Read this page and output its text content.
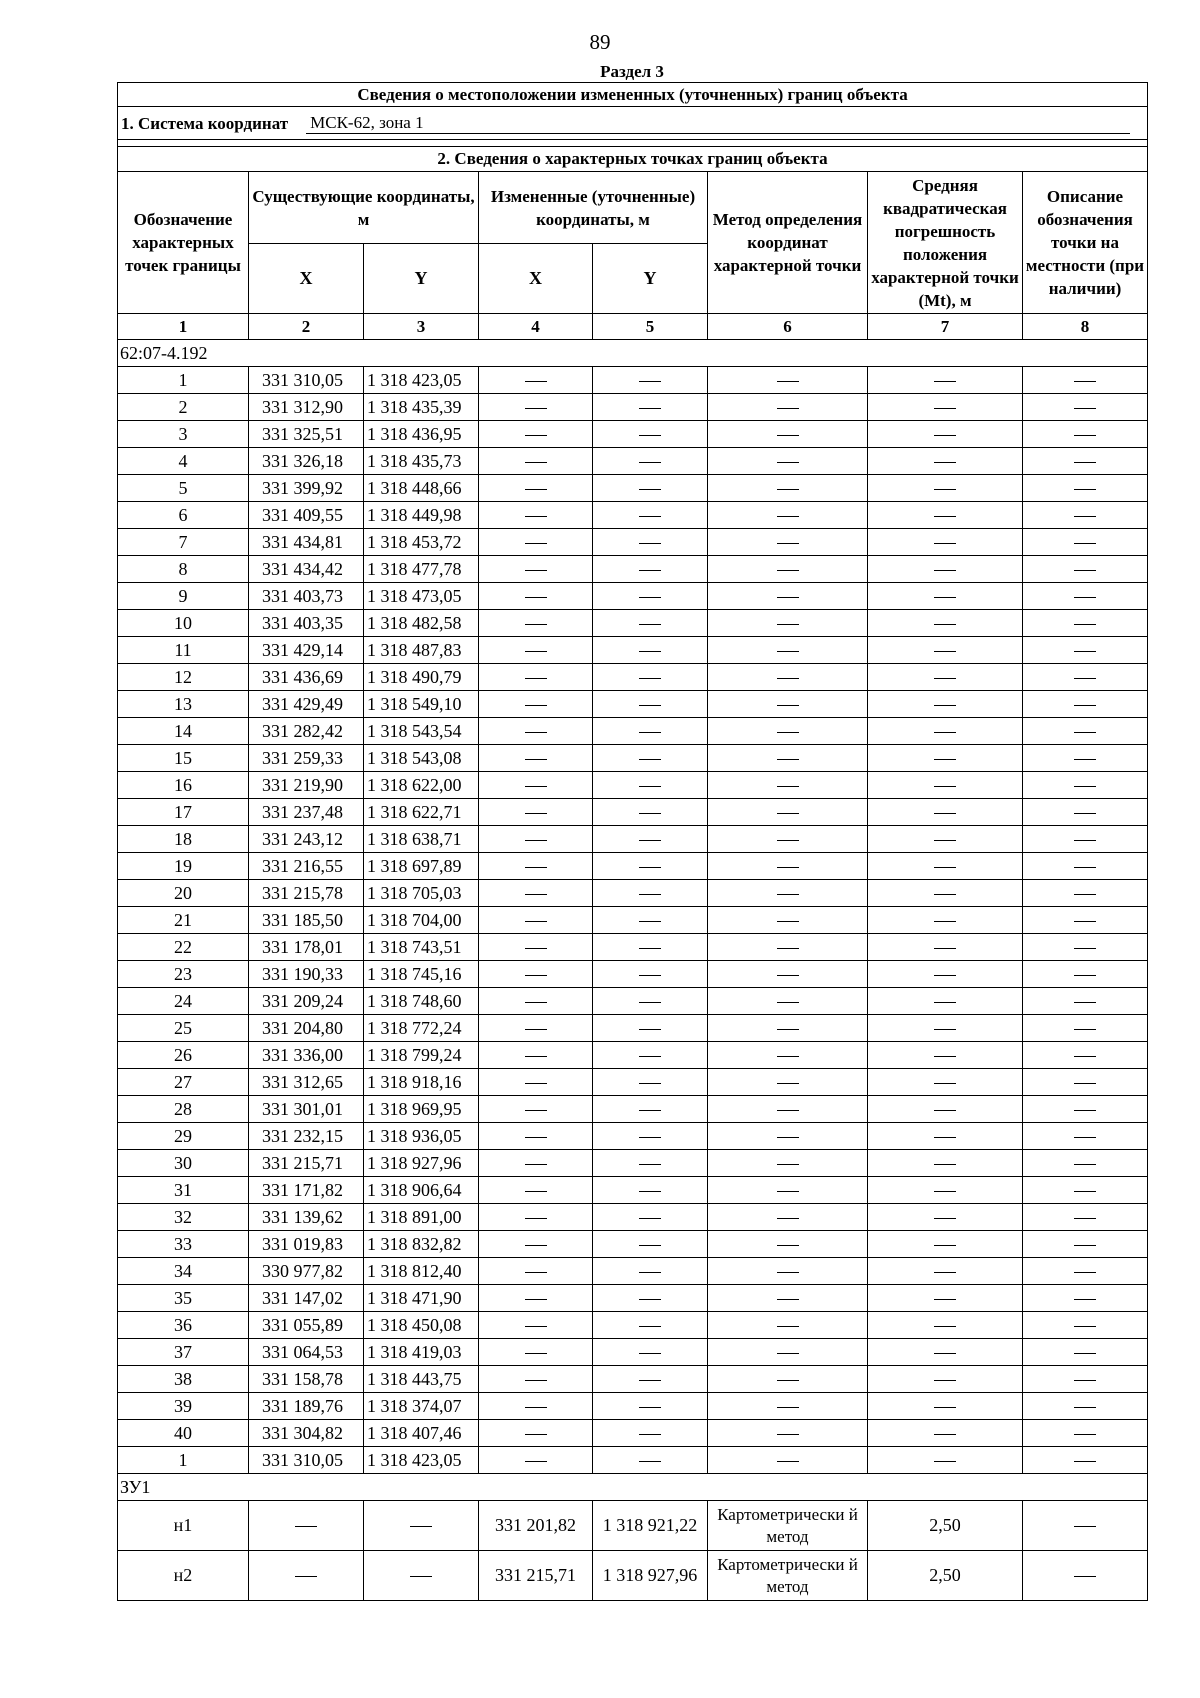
89
Раздел 3
Сведения о местоположении измененных (уточненных) границ объекта							
1. Система координат МСК-62, зона 1							

2. Сведения о характерных точках границ объекта							
Обозначение характерных точек границы	Существующие координаты, м		Измененные (уточненные) координаты, м		Метод определения координат характерной точки	Средняя квадратическая погрешность положения характерной точки (Mt), м	Описание обозначения точки на местности (при наличии)
	X	Y	X	Y			
1	2	3	4	5	6	7	8
62:07-4.192							
1	331 310,05	1 318 423,05					
2	331 312,90	1 318 435,39					
3	331 325,51	1 318 436,95					
4	331 326,18	1 318 435,73					
5	331 399,92	1 318 448,66					
6	331 409,55	1 318 449,98					
7	331 434,81	1 318 453,72					
8	331 434,42	1 318 477,78					
9	331 403,73	1 318 473,05					
10	331 403,35	1 318 482,58					
11	331 429,14	1 318 487,83					
12	331 436,69	1 318 490,79					
13	331 429,49	1 318 549,10					
14	331 282,42	1 318 543,54					
15	331 259,33	1 318 543,08					
16	331 219,90	1 318 622,00					
17	331 237,48	1 318 622,71					
18	331 243,12	1 318 638,71					
19	331 216,55	1 318 697,89					
20	331 215,78	1 318 705,03					
21	331 185,50	1 318 704,00					
22	331 178,01	1 318 743,51					
23	331 190,33	1 318 745,16					
24	331 209,24	1 318 748,60					
25	331 204,80	1 318 772,24					
26	331 336,00	1 318 799,24					
27	331 312,65	1 318 918,16					
28	331 301,01	1 318 969,95					
29	331 232,15	1 318 936,05					
30	331 215,71	1 318 927,96					
31	331 171,82	1 318 906,64					
32	331 139,62	1 318 891,00					
33	331 019,83	1 318 832,82					
34	330 977,82	1 318 812,40					
35	331 147,02	1 318 471,90					
36	331 055,89	1 318 450,08					
37	331 064,53	1 318 419,03					
38	331 158,78	1 318 443,75					
39	331 189,76	1 318 374,07					
40	331 304,82	1 318 407,46					
1	331 310,05	1 318 423,05					
ЗУ1							
н1			331 201,82	1 318 921,22	Картометрически й метод	2,50	
н2			331 215,71	1 318 927,96	Картометрически й метод	2,50	
